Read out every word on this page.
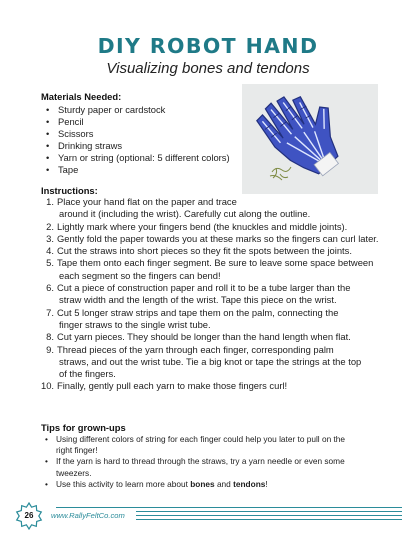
DIY ROBOT HAND

Visualizing bones and tendons

Materials Needed:
• Sturdy paper or cardstock
• Pencil
• Scissors
• Drinking straws
• Yarn or string (optional: 5 different colors)
• Tape
Instructions:
1. Place your hand flat on the paper and trace
around it (including the wrist). Carefully cut along the outline.
2. Lightly mark where your fingers bend (the knuckles and middle joints).
3. Gently fold the paper towards you at these marks so the fingers can curl later.
4. Cut the straws into short pieces so they fit the spots between the joints.
5. Tape them onto each finger segment. Be sure to leave some space between
each segment so the fingers can bend!
6. Cut a piece of construction paper and roll it to be a tube larger than the
straw width and the length of the wrist. Tape this piece on the wrist.
7. Cut 5 longer straw strips and tape them on the palm, connecting the
finger straws to the single wrist tube.
8. Cut yarn pieces. They should be longer than the hand length when flat.
9. Thread pieces of the yarn through each finger, corresponding palm
straws, and out the wrist tube. Tie a big knot or tape the strings at the top
of the fingers.
10. Finally, gently pull each yarn to make those fingers curl!
Tips for grown-ups
• Using different colors of string for each finger could help you later to pull on the
right finger!
• If the yarn is hard to thread through the straws, try a yarn needle or even some
tweezers.
• Use this activity to learn more about bones and tendons!
26	www.RallyFeltCo.com
